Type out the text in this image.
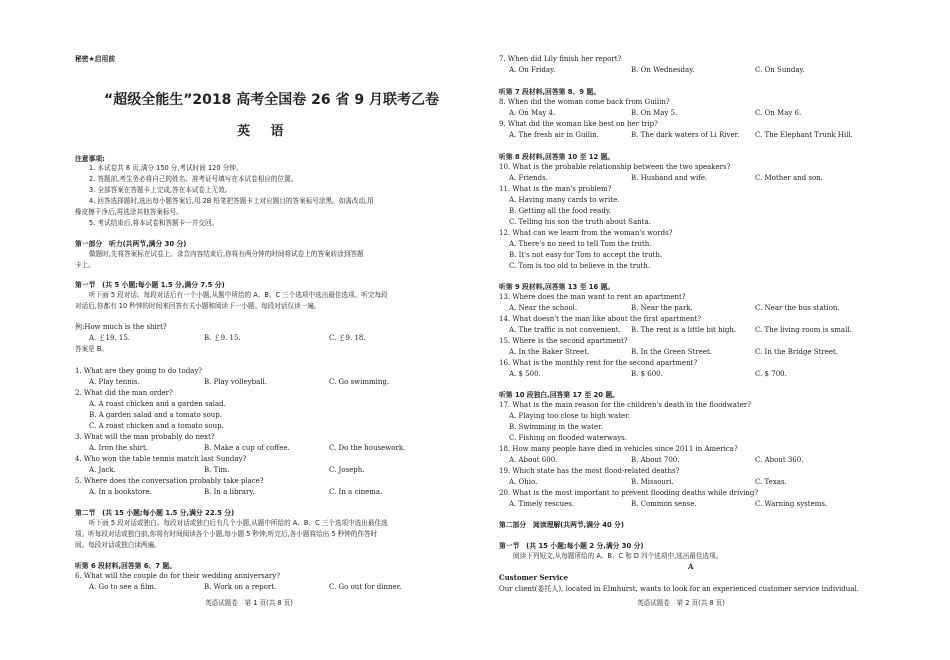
秘密★启用前
“超级全能生”2018 高考全国卷 26 省 9 月联考乙卷
英 语
注意事项:
1. 本试卷共 8 页,满分 150 分,考试时间 120 分钟。
2. 答题前,考生务必将自己的姓名、准考证号填写在本试卷相应的位置。
3. 全部答案在答题卡上完成,答在本试卷上无效。
4. 回答选择题时,选出每小题答案后,用 2B 铅笔把答题卡上对应题目的答案标号涂黑。如需改动,用
橡皮擦干净后,再选涂其他答案标号。
5. 考试结束后,将本试卷和答题卡一并交回。
第一部分　听力(共两节,满分 30 分)
做题时,先将答案标在试卷上。录音内容结束后,你将有两分钟的时间将试卷上的答案转涂到答题
卡上。
第一节　(共 5 小题;每小题 1.5 分,满分 7.5 分)
听下面 5 段对话。每段对话后有一个小题,从题中所给的 A、B、C 三个选项中选出最佳选项。听完每段
对话后,你都有 10 秒钟的时间来回答有关小题和阅读下一小题。每段对话仅读一遍。
例:How much is the shirt?
A. ￡19. 15.	B. ￡9. 15.	C. ￡9. 18.
答案是 B。
1. What are they going to do today?
A. Play tennis.	B. Play volleyball.	C. Go swimming.
2. What did the man order?
A. A roast chicken and a garden salad.
B. A garden salad and a tomato soup.
C. A roast chicken and a tomato soup.
3. What will the man probably do next?
A. Iron the shirt.	B. Make a cup of coffee.	C. Do the housework.
4. Who won the table tennis match last Sunday?
A. Jack.	B. Tim.	C. Joseph.
5. Where does the conversation probably take place?
A. In a bookstore.	B. In a library.	C. In a cinema.
第二节　(共 15 小题;每小题 1.5 分,满分 22.5 分)
听下面 5 段对话或独白。每段对话或独白后有几个小题,从题中所给的 A、B、C 三个选项中选出最佳选
项。听每段对话或独白前,你将有时间阅读各个小题,每小题 5 秒钟;听完后,各小题将给出 5 秒钟的作答时
间。每段对话或独白读两遍。
听第 6 段材料,回答第 6、7 题。
6. What will the couple do for their wedding anniversary?
A. Go to see a film.	B. Work on a report.	C. Go out for dinner.
英语试题卷　第 1 页(共 8 页)
7. When did Lily finish her report?
A. On Friday.	B. On Wednesday.	C. On Sunday.
听第 7 段材料,回答第 8、9 题。
8. When did the woman come back from Guilin?
A. On May 4.	B. On May 5.	C. On May 6.
9. What did the woman like best on her trip?
A. The fresh air in Guilin.	B. The dark waters of Li River. C. The Elephant Trunk Hill.
听第 8 段材料,回答第 10 至 12 题。
10. What is the probable relationship between the two speakers?
A. Friends.	B. Husband and wife.	C. Mother and son.
11. What is the man's problem?
A. Having many cards to write.
B. Getting all the food ready.
C. Telling his son the truth about Santa.
12. What can we learn from the woman's words?
A. There's no need to tell Tom the truth.
B. It's not easy for Tom to accept the truth.
C. Tom is too old to believe in the truth.
听第 9 段材料,回答第 13 至 16 题。
13. Where does the man want to rent an apartment?
A. Near the school.	B. Near the park.	C. Near the bus station.
14. What doesn't the man like about the first apartment?
A. The traffic is not convenient. B. The rent is a little bit high.	C. The living room is small.
15. Where is the second apartment?
A. In the Baker Street.	B. In the Green Street.	C. In the Bridge Street.
16. What is the monthly rent for the second apartment?
A. $ 500.	B. $ 600.	C. $ 700.
听第 10 段独白,回答第 17 至 20 题。
17. What is the main reason for the children's death in the floodwater?
A. Playing too close to high water.
B. Swimming in the water.
C. Fishing on flooded waterways.
18. How many people have died in vehicles since 2011 in America?
A. About 600.	B. About 700.	C. About 360.
19. Which state has the most flood-related deaths?
A. Ohio.	B. Missouri.	C. Texas.
20. What is the most important to prevent flooding deaths while driving?
A. Timely rescues.	B. Common sense.	C. Warning systems.
第二部分　阅读理解(共两节,满分 40 分)
第一节　(共 15 小题;每小题 2 分,满分 30 分)
阅读下列短文,从每题所给的 A、B、C 和 D 四个选项中,选出最佳选项。
A
Customer Service
Our client(委托人), located in Elmhurst, wants to look for an experienced customer service individual.
英语试题卷　第 2 页(共 8 页)
